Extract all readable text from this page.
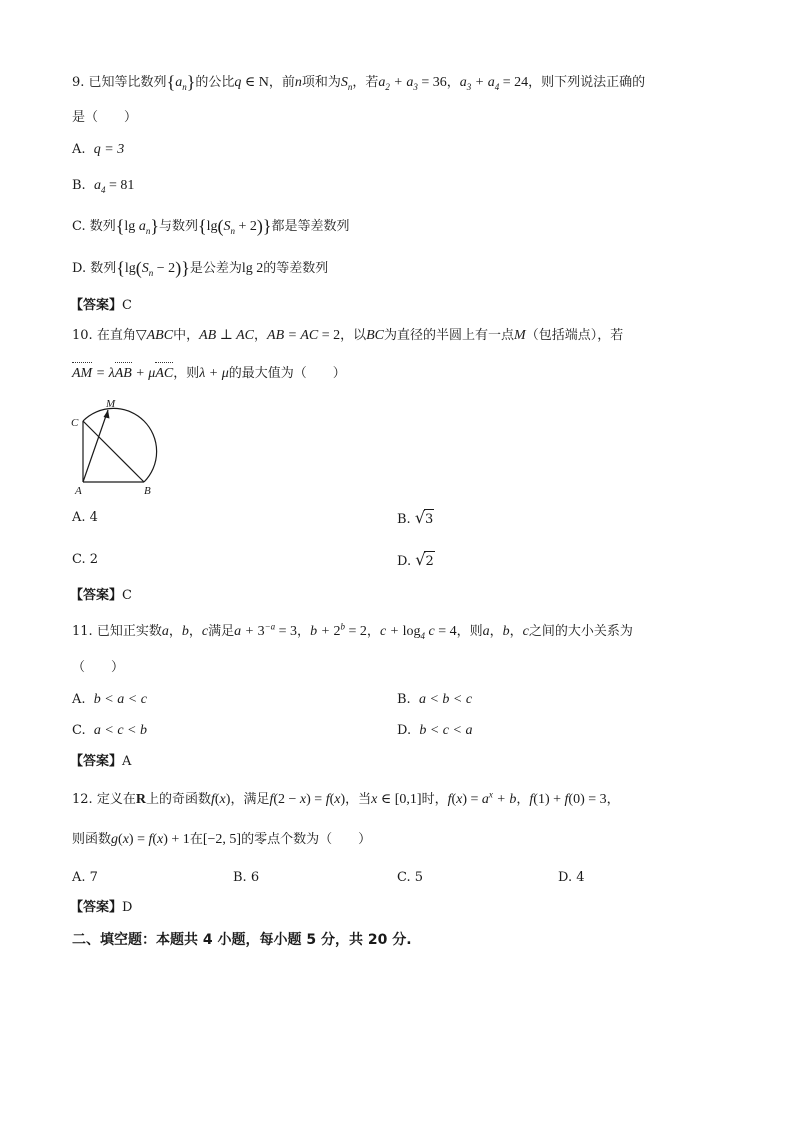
9. 已知等比数列$\{a_n\}$的公比q ∈ N，前n项和为$S_n$，若$a_2 + a_3 = 36$，$a_3 + a_4 = 24$，则下列说法正确的
是（　　）
A. q = 3
B. $a_4 = 81$
C. 数列{lg $a_n$}与数列$\{\lg(S_n + 2)\}$都是等差数列
D. 数列$\{\lg(S_n - 2)\}$是公差为lg 2的等差数列
【答案】C
10. 在直角▽ABC中，AB ⊥ AC，AB = AC = 2，以BC为直径的半圆上有一点M（包括端点），若
AM = λAB + μAC，则λ + μ的最大值为（　　）
C
M
A	B
A. 4	B. √3
C. 2	D. √2
【答案】C
11. 已知正实数a，b，c满足$a + 3^{-a} = 3$，$b + 2^b = 2$，$c + \log_4 c = 4$，则a，b，c之间的大小关系为
（　　）
A. b < a < c	B. a < b < c
C. a < c < b	D. b < c < a
【答案】A
12. 定义在R上的奇函数f(x)，满足f(2 − x) = f(x)，当x ∈ [0,1]时，$f(x) = a^x + b$，f(1) + f(0) = 3，
则函数g(x) = f(x) + 1在[−2, 5]的零点个数为（　　）
A. 7	B. 6	C. 5	D. 4
【答案】D
二、填空题：本题共 4 小题，每小题 5 分，共 20 分.
